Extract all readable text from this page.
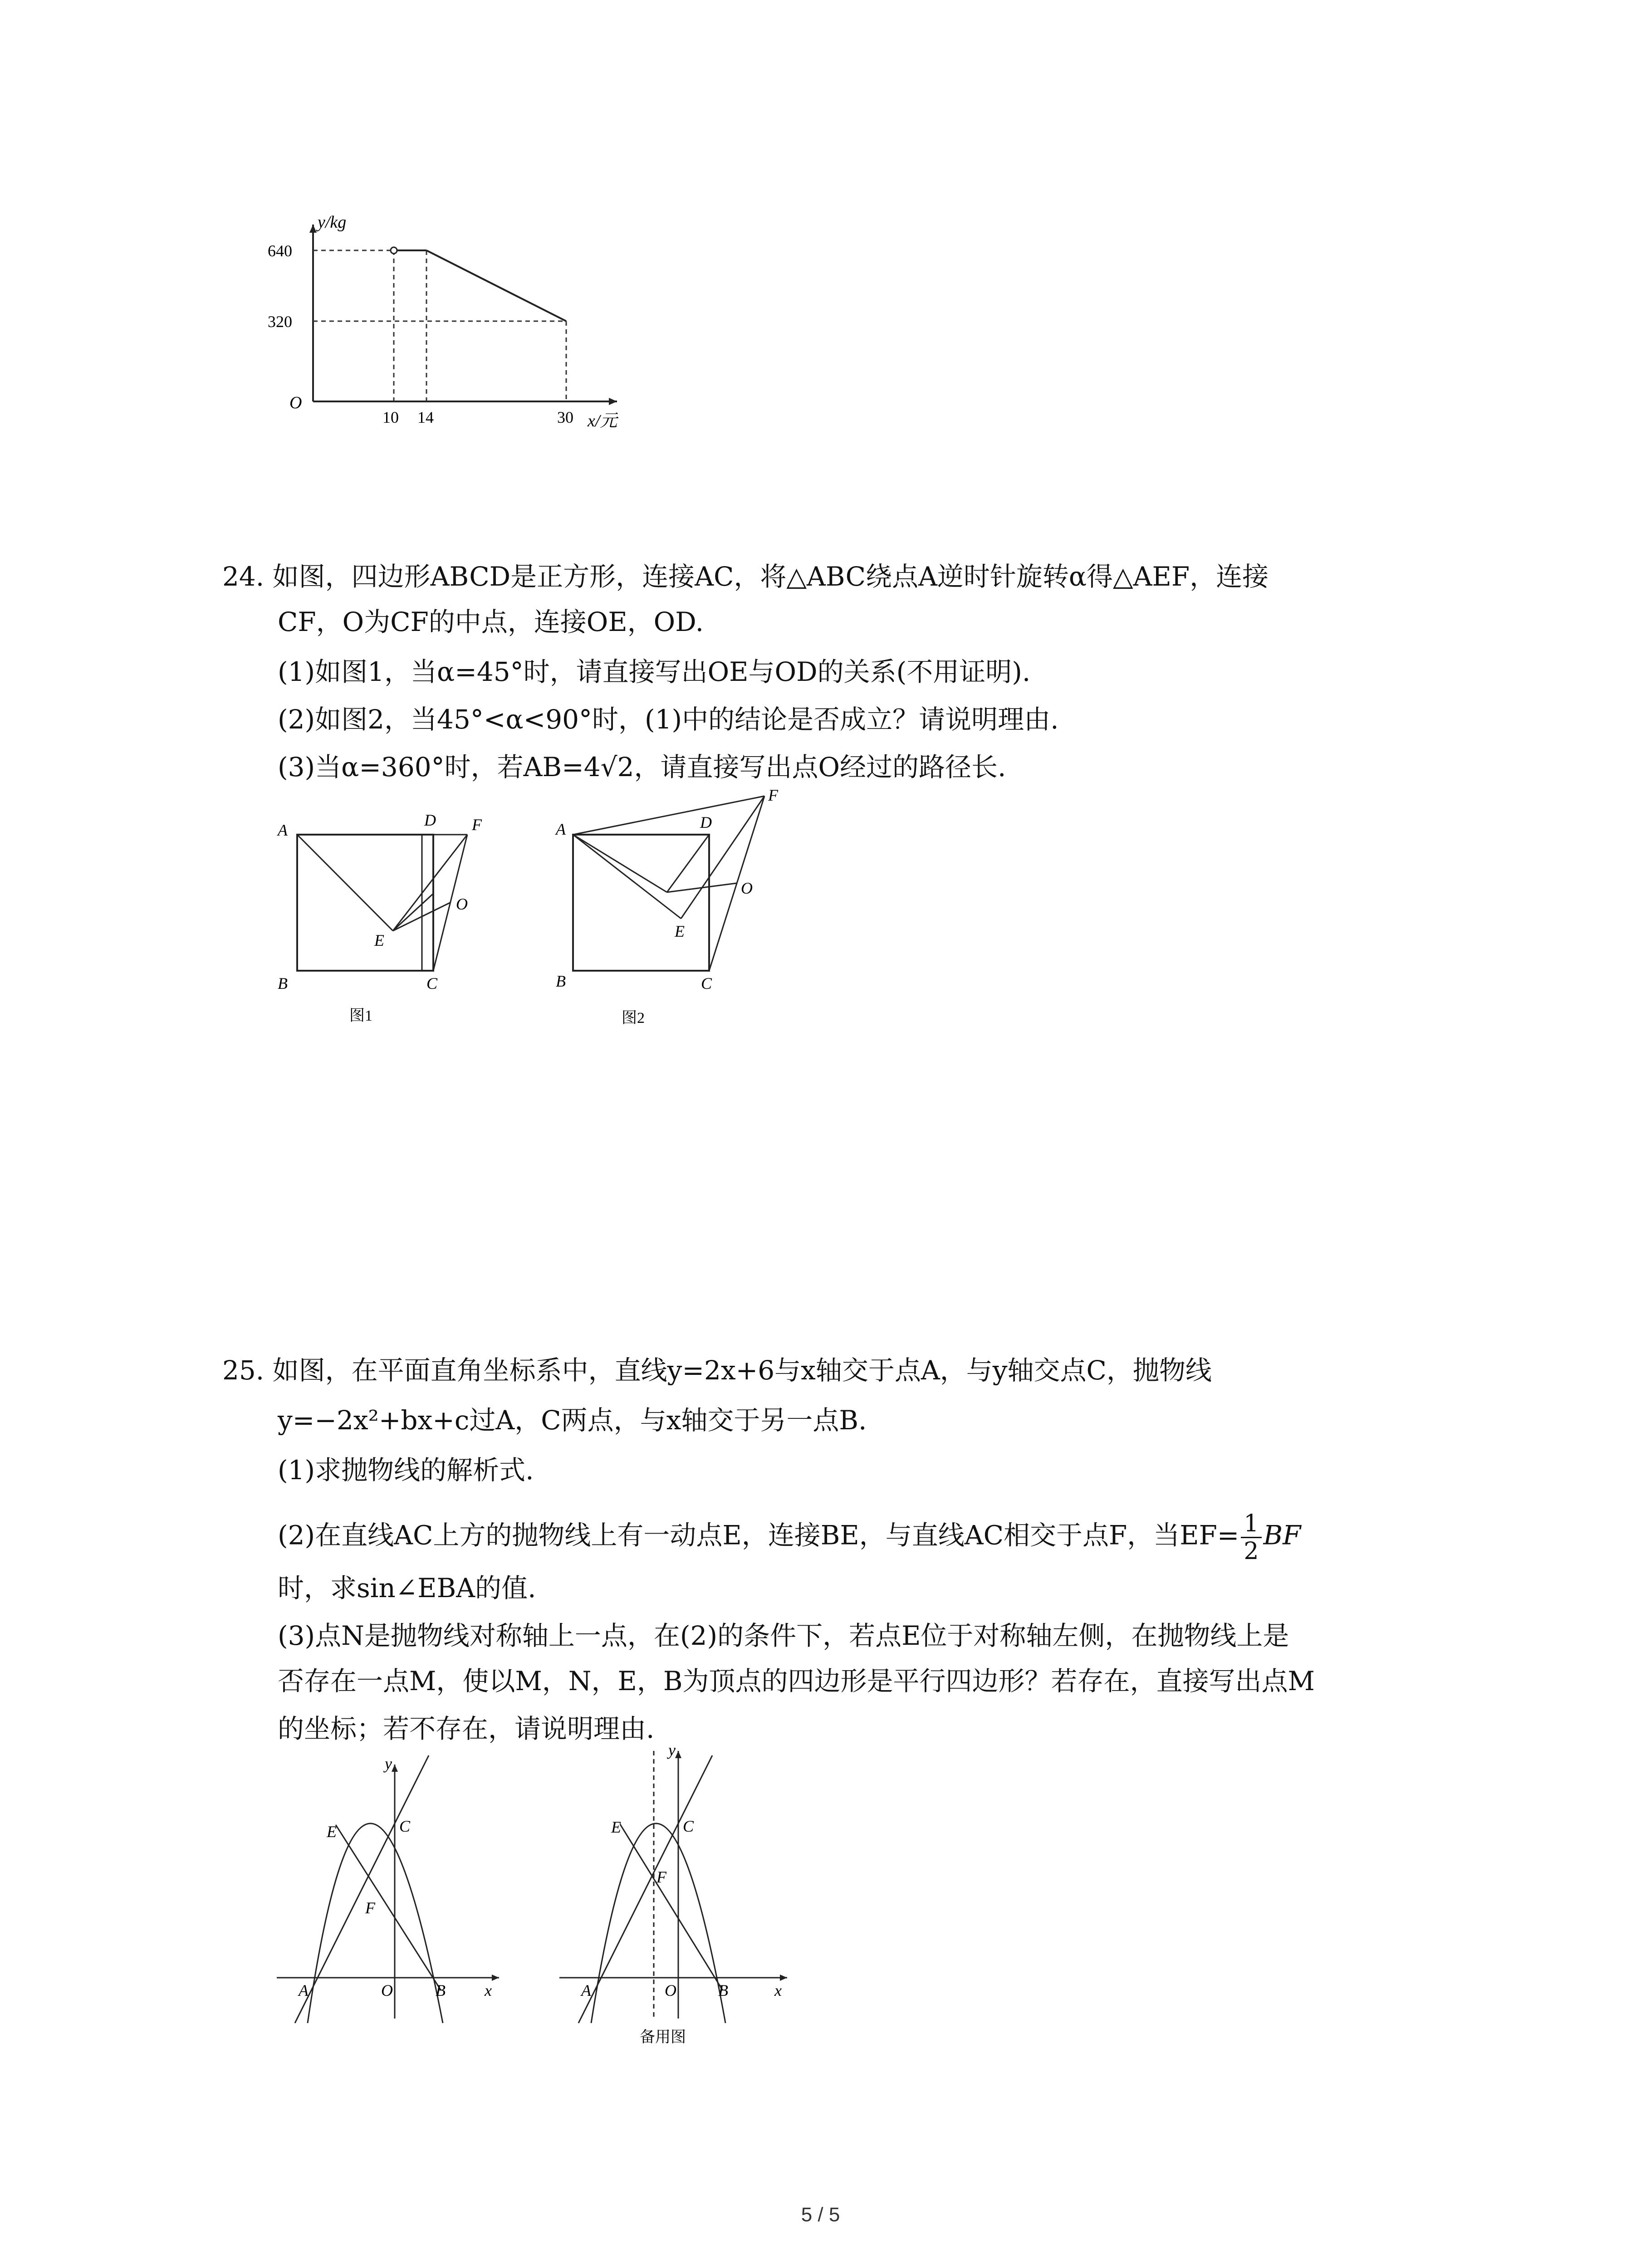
y/kg
x/元
O
640
320
10 14	30
24. 如图，四边形ABCD是正方形，连接AC，将△ABC绕点A逆时针旋转α得△AEF，连接
CF，O为CF的中点，连接OE，OD.
(1)如图1，当α=45°时，请直接写出OE与OD的关系(不用证明).
(2)如图2，当45°<α<90°时，(1)中的结论是否成立？请说明理由.
(3)当α=360°时，若AB=4√2，请直接写出点O经过的路径长.
A
B	C
D F
E
O
图1
A
B	C
D
F
E
O
图2
25. 如图，在平面直角坐标系中，直线y=2x+6与x轴交于点A，与y轴交点C，抛物线
y=−2x²+bx+c过A，C两点，与x轴交于另一点B.
(1)求抛物线的解析式.
(2)在直线AC上方的抛物线上有一动点E，连接BE，与直线AC相交于点F，当$EF= \frac{1}{2}$ BF
时，求sin∠EBA的值.
(3)点N是抛物线对称轴上一点，在(2)的条件下，若点E位于对称轴左侧，在抛物线上是
否存在一点M，使以M，N，E，B为顶点的四边形是平行四边形？若存在，直接写出点M
的坐标；若不存在，请说明理由.
y
x
O
A	B
C
E
F
y
x
O
A	B
C
E
F
备用图
5 / 5
